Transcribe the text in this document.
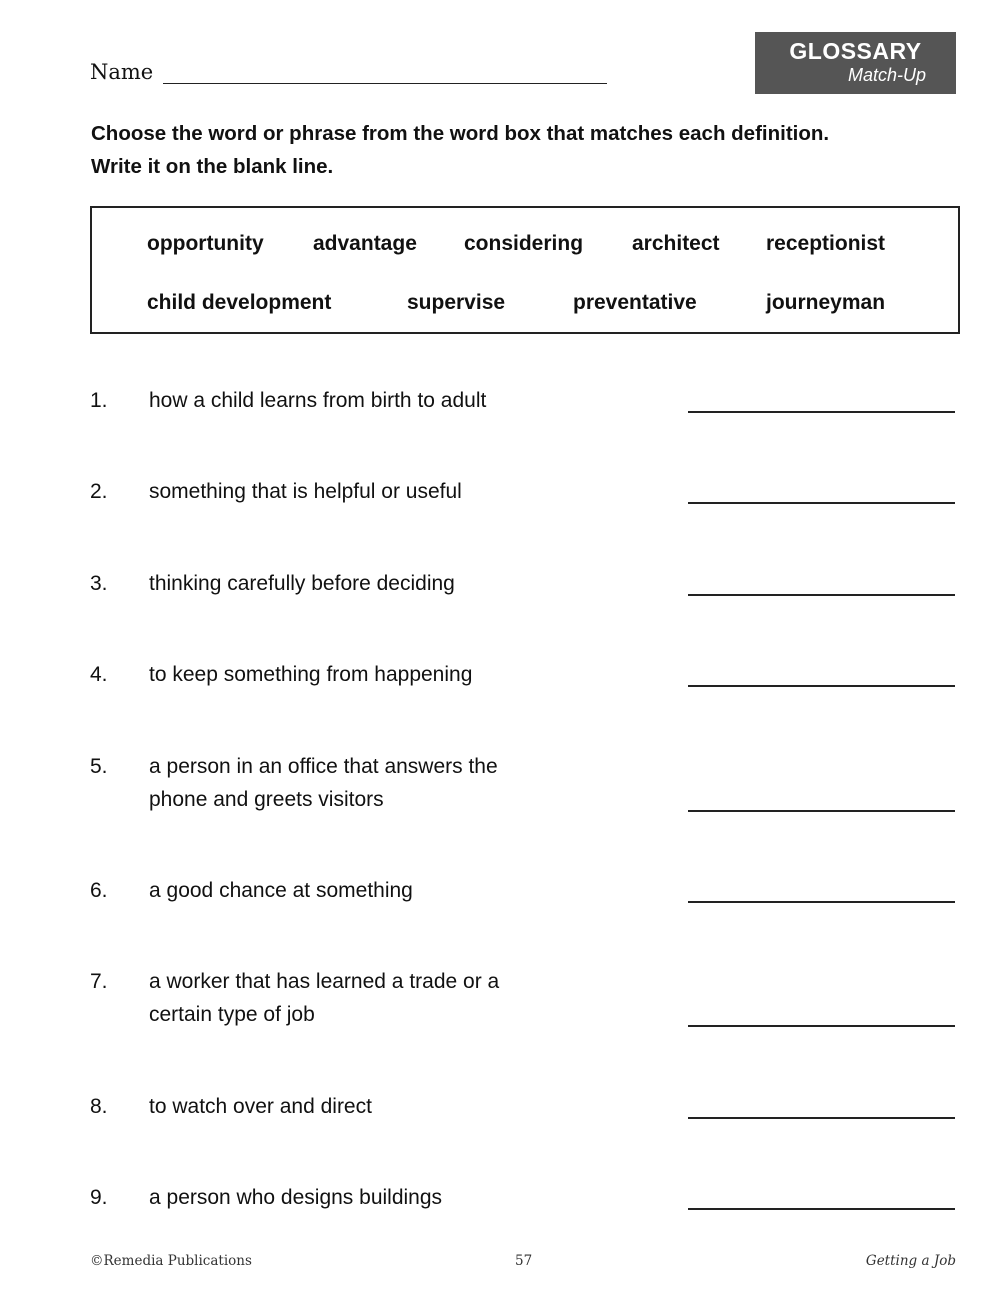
Name
GLOSSARY
Match-Up
Choose the word or phrase from the word box that matches each definition.
Write it on the blank line.
opportunity advantage considering architect receptionist
child development	supervise	preventative	journeyman
1. how a child learns from birth to adult
2. something that is helpful or useful
3. thinking carefully before deciding
4. to keep something from happening
5. a person in an office that answers the
phone and greets visitors
6. a good chance at something
7. a worker that has learned a trade or a
certain type of job
8. to watch over and direct
9. a person who designs buildings
©Remedia Publications	57	Getting a Job
